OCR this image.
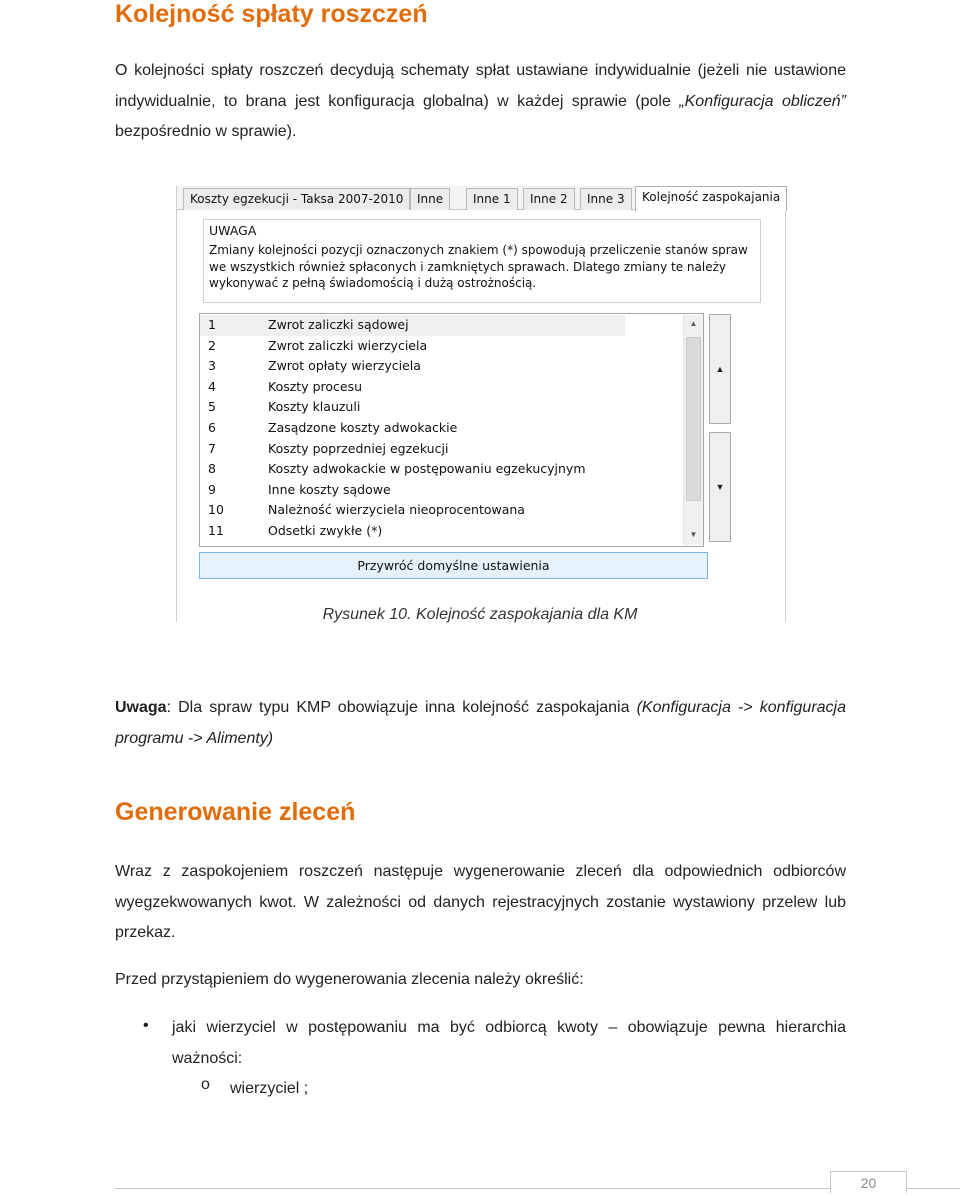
Kolejność spłaty roszczeń
O kolejności spłaty roszczeń decydują schematy spłat ustawiane indywidualnie (jeżeli nie ustawione indywidualnie, to brana jest konfiguracja globalna) w każdej sprawie (pole „Konfiguracja obliczeń” bezpośrednio w sprawie).
Koszty egzekucji - Taksa 2007-2010	Inne	Inne 1	Inne 2	Inne 3	Kolejność zaspokajania
UWAGA
Zmiany kolejności pozycji oznaczonych znakiem (*) spowodują przeliczenie stanów spraw we wszystkich również spłaconych i zamkniętych sprawach. Dlatego zmiany te należy wykonywać z pełną świadomością i dużą ostrożnością.
1	Zwrot zaliczki sądowej
2	Zwrot zaliczki wierzyciela
3	Zwrot opłaty wierzyciela
4	Koszty procesu
5	Koszty klauzuli
6	Zasądzone koszty adwokackie
7	Koszty poprzedniej egzekucji
8	Koszty adwokackie w postępowaniu egzekucyjnym
9	Inne koszty sądowe
10	Należność wierzyciela nieoprocentowana
11	Odsetki zwykłe (*)
▲
▼
▲
▼
Przywróć domyślne ustawienia
Rysunek 10. Kolejność zaspokajania dla KM
Uwaga: Dla spraw typu KMP obowiązuje inna kolejność zaspokajania (Konfiguracja -> konfiguracja programu -> Alimenty)
Generowanie zleceń
Wraz z zaspokojeniem roszczeń następuje wygenerowanie zleceń dla odpowiednich odbiorców wyegzekwowanych kwot. W zależności od danych rejestracyjnych zostanie wystawiony przelew lub przekaz.
Przed przystąpieniem do wygenerowania zlecenia należy określić:
• jaki wierzyciel w postępowaniu ma być odbiorcą kwoty – obowiązuje pewna hierarchia ważności:
o wierzyciel ;
20
